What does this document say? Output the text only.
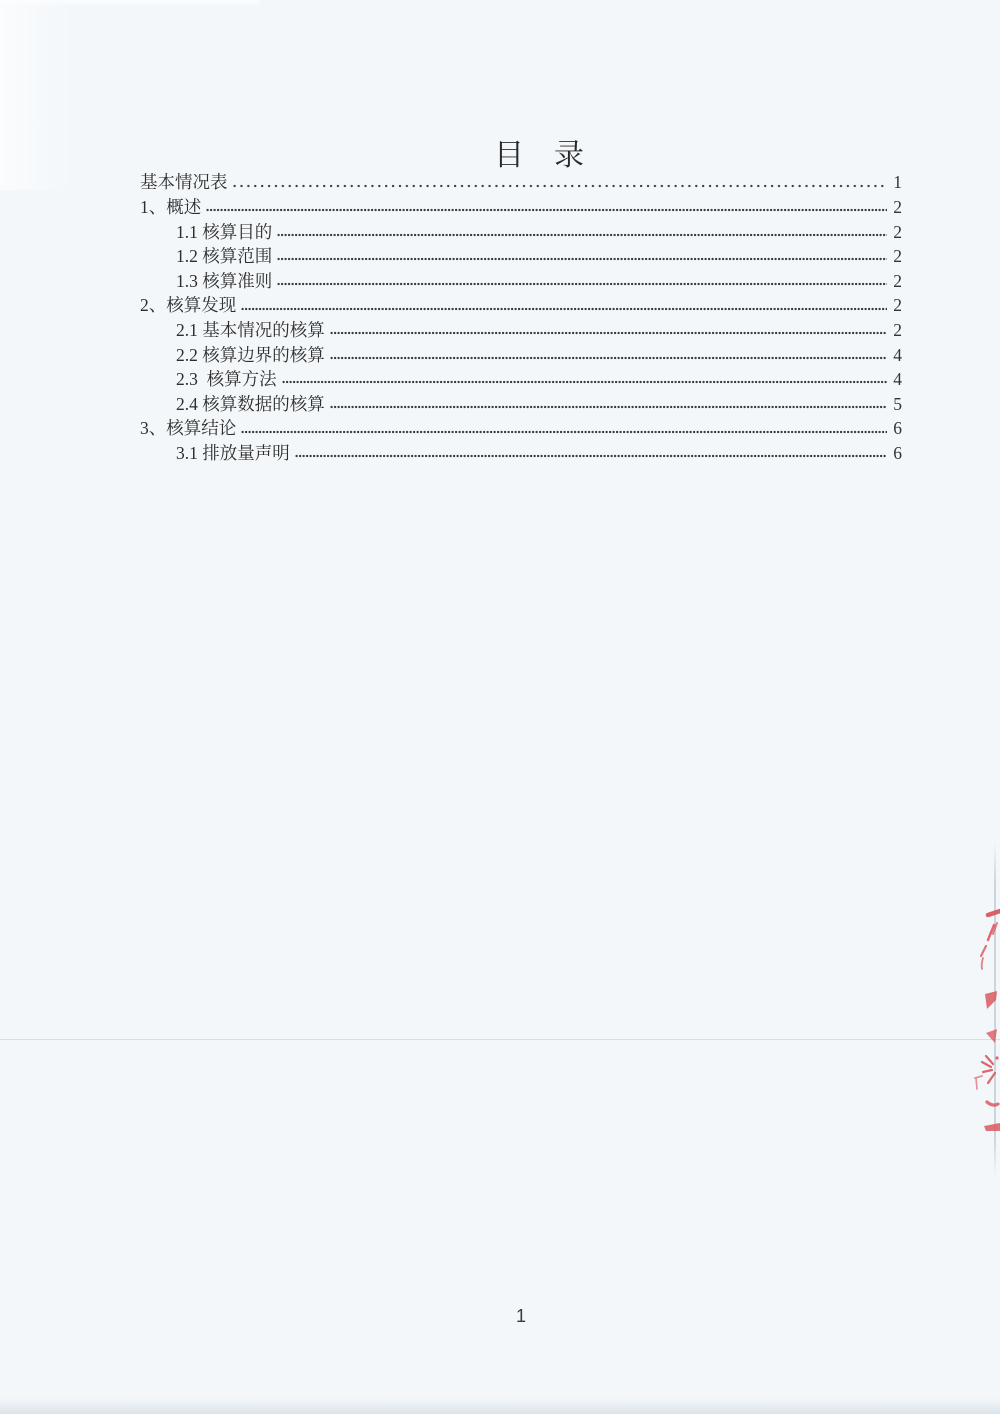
目　录
基本情况表	1
1、概述	2
1.1 核算目的	2
1.2 核算范围	2
1.3 核算准则	2
2、核算发现	2
2.1 基本情况的核算	2
2.2 核算边界的核算	4
2.3  核算方法	4
2.4 核算数据的核算	5
3、核算结论	6
3.1 排放量声明	6
1
